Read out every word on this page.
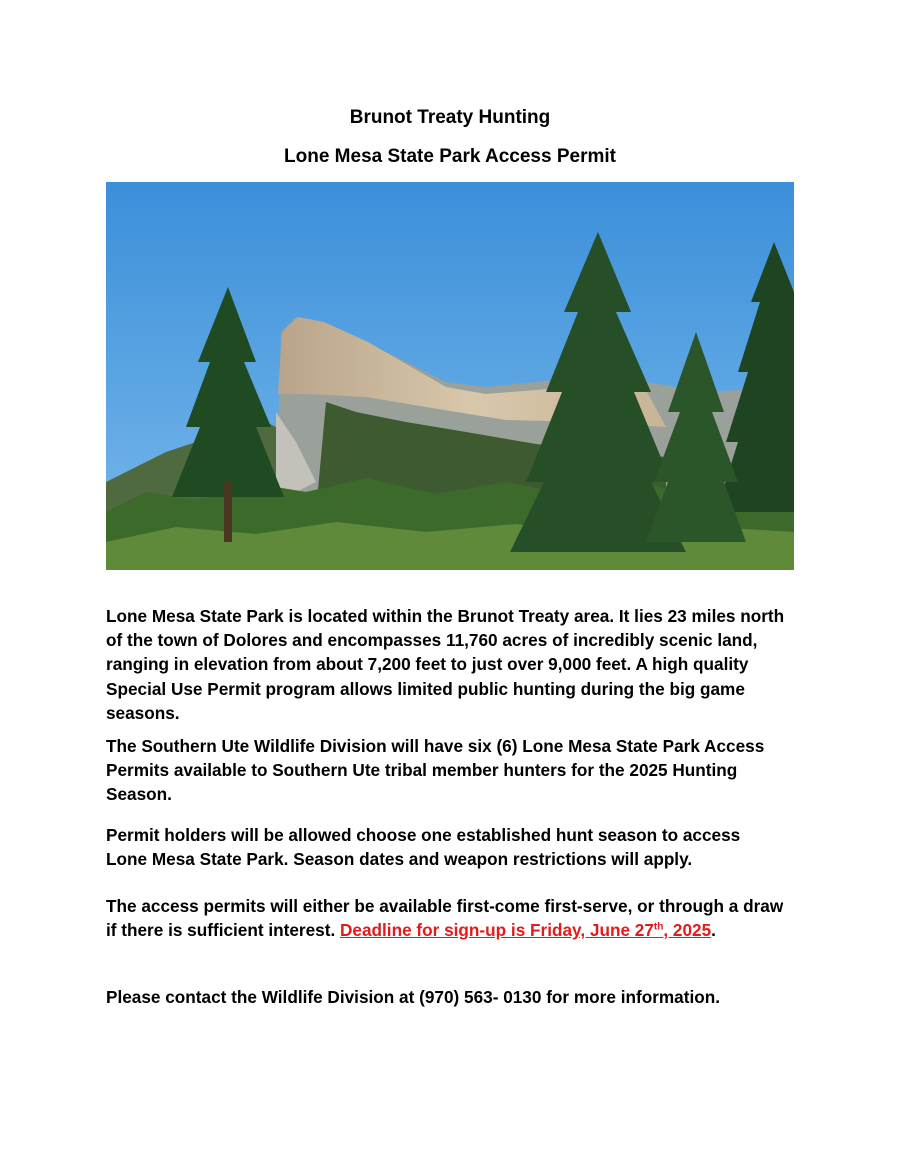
Brunot Treaty Hunting
Lone Mesa State Park Access Permit

Lone Mesa State Park is located within the Brunot Treaty area. It lies 23 miles north of the town of Dolores and encompasses 11,760 acres of incredibly scenic land, ranging in elevation from about 7,200 feet to just over 9,000 feet. A high quality Special Use Permit program allows limited public hunting during the big game seasons.

The Southern Ute Wildlife Division will have six (6) Lone Mesa State Park Access Permits available to Southern Ute tribal member hunters for the 2025 Hunting Season.

Permit holders will be allowed choose one established hunt season to access Lone Mesa State Park. Season dates and weapon restrictions will apply.

The access permits will either be available first-come first-serve, or through a draw if there is sufficient interest. Deadline for sign-up is Friday, June 27th, 2025.

Please contact the Wildlife Division at (970) 563- 0130 for more information.
